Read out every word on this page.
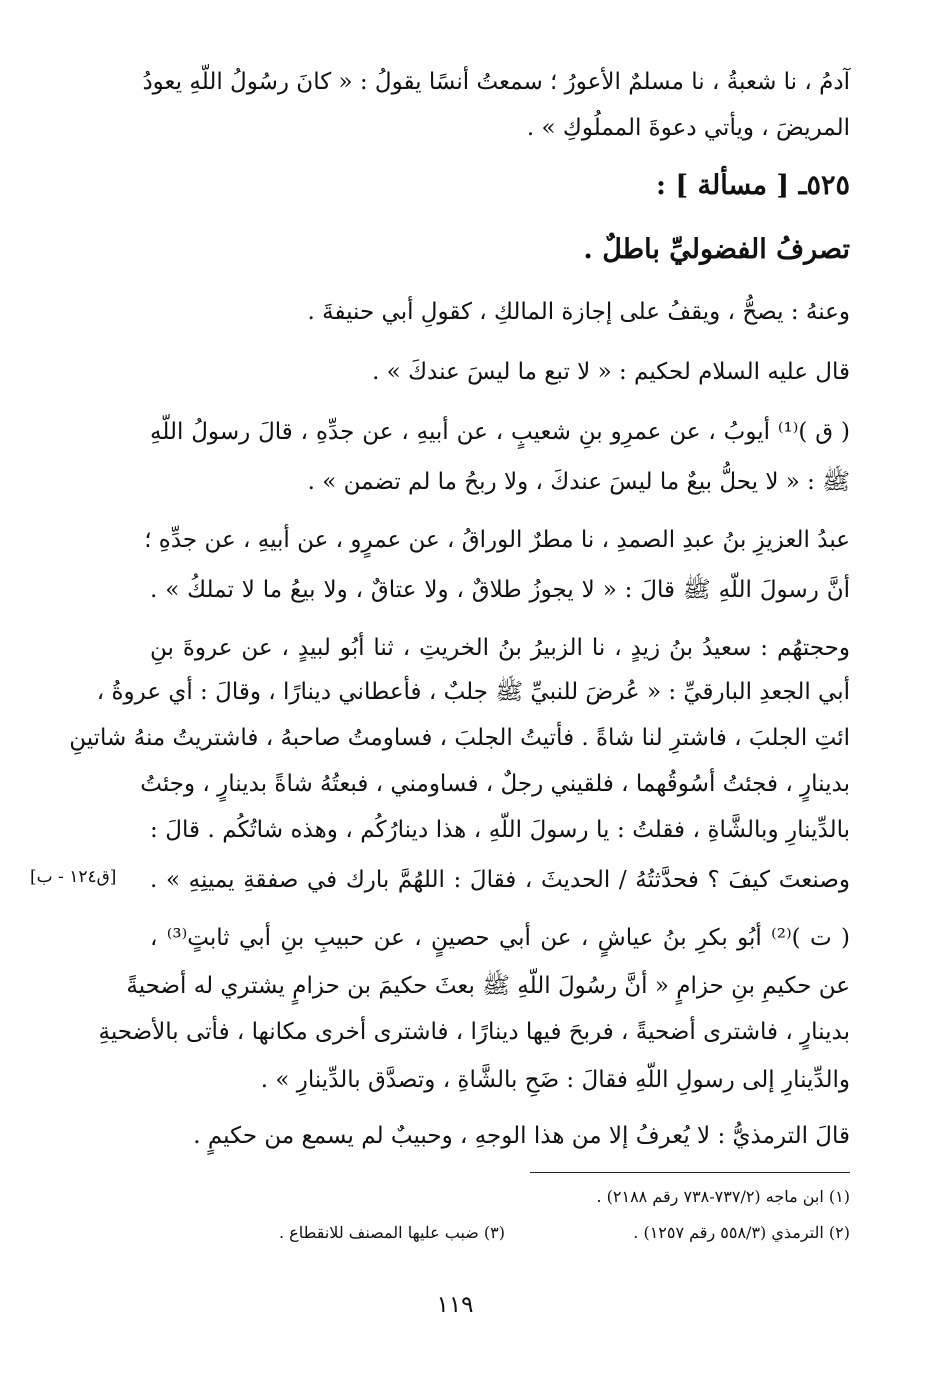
آدمُ ، نا شعبةُ ، نا مسلمٌ الأعورُ ؛ سمعتُ أنسًا يقولُ : « كانَ رسُولُ اللّهِ يعودُ
المريضَ ، ويأتي دعوةَ المملُوكِ » .
٥٢٥ـ [ مسألة ] :
تصرفُ الفضوليِّ باطلٌ .
وعنهُ : يصحُّ ، ويقفُ على إجازة المالكِ ، كقولِ أبي حنيفةَ .
قال عليه السلام لحكيم : « لا تبع ما ليسَ عندكَ » .
( ق )⁽¹⁾ أيوبُ ، عن عمرِو بنِ شعيبٍ ، عن أبيهِ ، عن جدِّهِ ، قالَ رسولُ اللّهِ
ﷺ : « لا يحلُّ بيعٌ ما ليسَ عندكَ ، ولا ربحُ ما لم تضمن » .
عبدُ العزيزِ بنُ عبدِ الصمدِ ، نا مطرٌ الوراقُ ، عن عمرٍو ، عن أبيهِ ، عن جدِّهِ ؛
أنَّ رسولَ اللّهِ ﷺ قالَ : « لا يجوزُ طلاقٌ ، ولا عتاقٌ ، ولا بيعُ ما لا تملكُ » .
وحجتهُم : سعيدُ بنُ زيدٍ ، نا الزبيرُ بنُ الخريتِ ، ثنا أبُو لبيدٍ ، عن عروةَ بنِ
أبي الجعدِ البارقيِّ : « عُرضَ للنبيِّ ﷺ جلبٌ ، فأعطاني دينارًا ، وقالَ : أي عروةُ ،
ائتِ الجلبَ ، فاشترِ لنا شاةً . فأتيتُ الجلبَ ، فساومتُ صاحبهُ ، فاشتريتُ منهُ شاتينِ
بدينارٍ ، فجئتُ أسُوقُهما ، فلقيني رجلٌ ، فساومني ، فبعتُهُ شاةً بدينارٍ ، وجئتُ
بالدِّينارِ وبالشَّاةِ ، فقلتُ : يا رسولَ اللّهِ ، هذا دينارُكُم ، وهذه شاتُكُم . قالَ :
وصنعتَ كيفَ ؟ فحدَّثتُهُ / الحديثَ ، فقالَ : اللهُمَّ بارك في صفقةِ يمينِهِ » .
( ت )⁽²⁾ أبُو بكرِ بنُ عياشٍ ، عن أبي حصينٍ ، عن حبيبِ بنِ أبي ثابتٍ⁽³⁾ ،
عن حكيمِ بنِ حزامٍ « أنَّ رسُولَ اللّهِ ﷺ بعثَ حكيمَ بن حزامٍ يشتري له أضحيةً
بدينارٍ ، فاشترى أضحيةً ، فربحَ فيها دينارًا ، فاشترى أخرى مكانها ، فأتى بالأضحيةِ
والدِّينارِ إلى رسولِ اللّهِ فقالَ : ضَحِ بالشَّاةِ ، وتصدَّق بالدِّينارِ » .
قالَ الترمذيُّ : لا يُعرفُ إلا من هذا الوجهِ ، وحبيبٌ لم يسمع من حكيمٍ .
(١) ابن ماجه (٧٣٧/٢-٧٣٨ رقم ٢١٨٨) .
(٢) الترمذي (٥٥٨/٣ رقم ١٢٥٧) .
(٣) ضبب عليها المصنف للانقطاع .
١١٩
[ق١٢٤ - ب]
